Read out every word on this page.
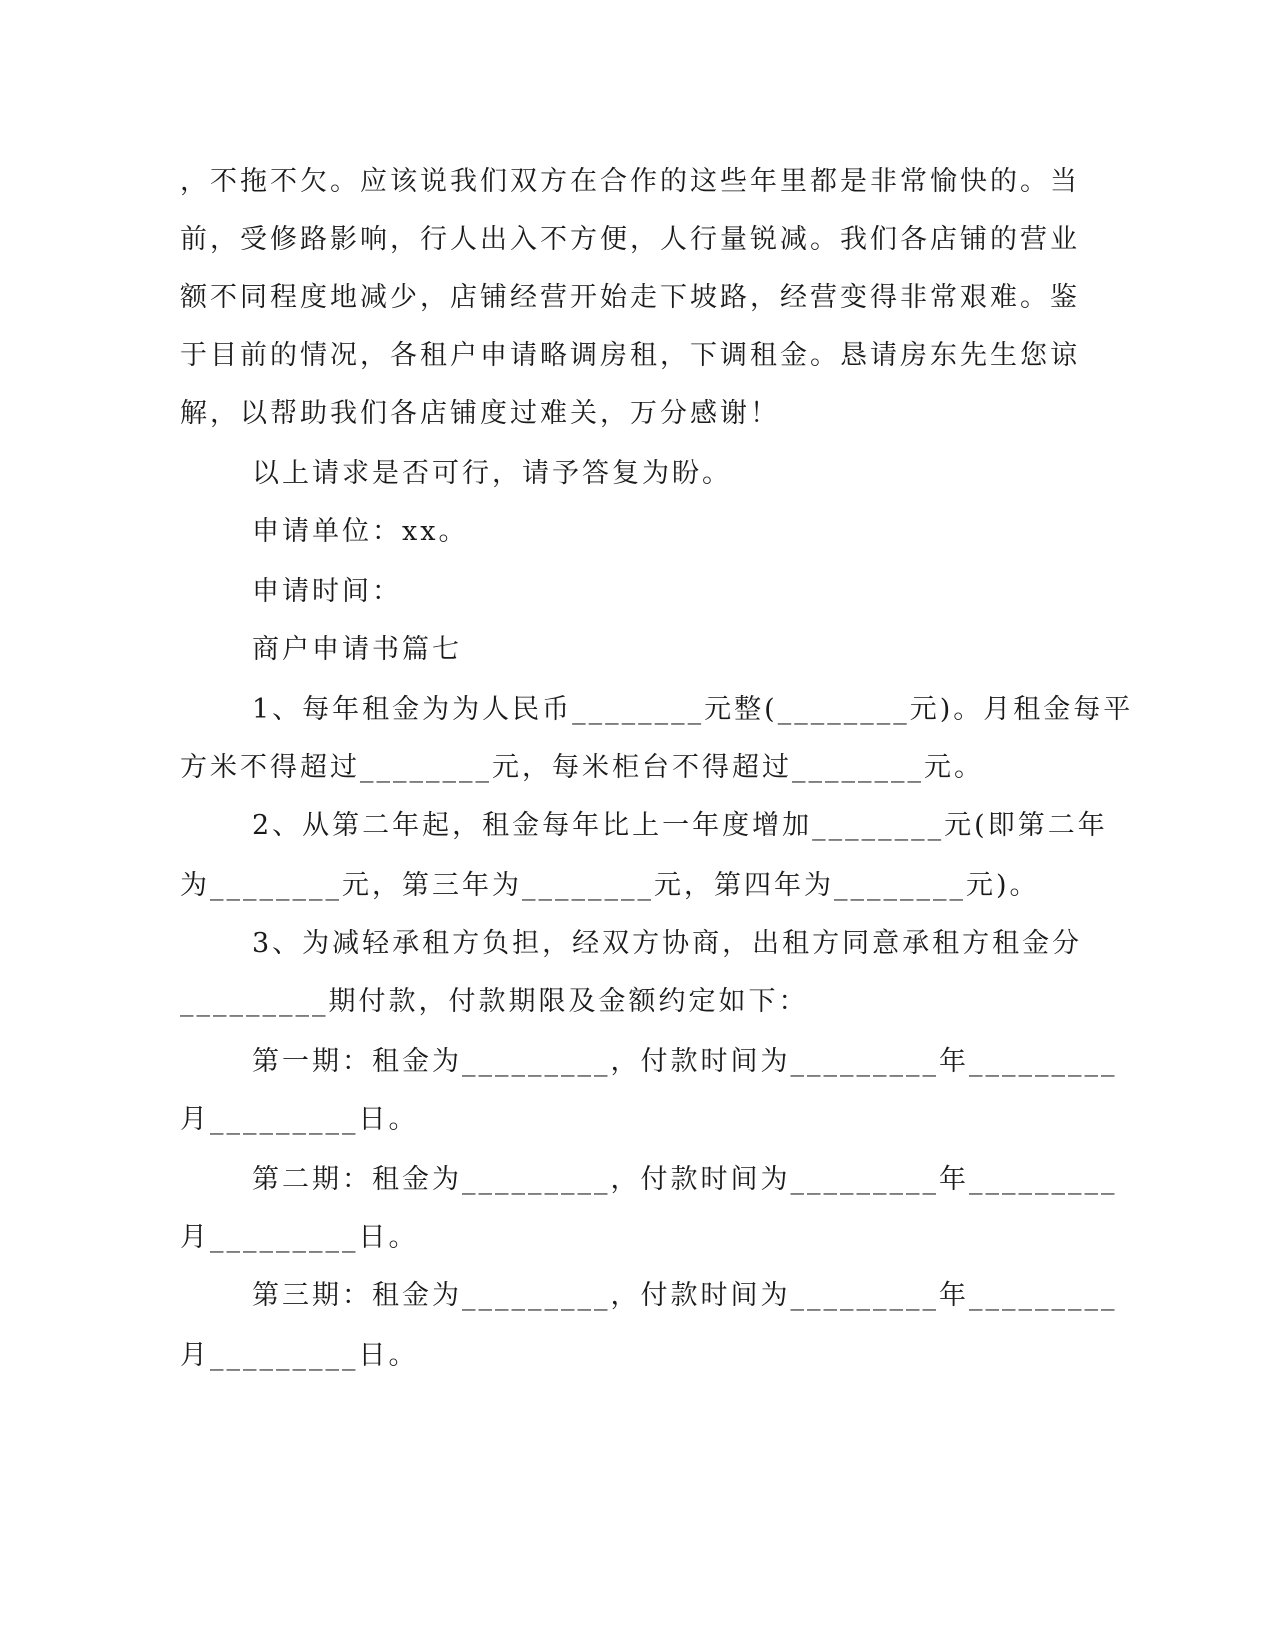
，不拖不欠。应该说我们双方在合作的这些年里都是非常愉快的。当
前，受修路影响，行人出入不方便，人行量锐减。我们各店铺的营业
额不同程度地减少，店铺经营开始走下坡路，经营变得非常艰难。鉴
于目前的情况，各租户申请略调房租，下调租金。恳请房东先生您谅
解，以帮助我们各店铺度过难关，万分感谢！
以上请求是否可行，请予答复为盼。
申请单位：xx。
申请时间：
商户申请书篇七
1、每年租金为为人民币________元整(________元)。月租金每平
方米不得超过________元，每米柜台不得超过________元。
2、从第二年起，租金每年比上一年度增加________元(即第二年
为________元，第三年为________元，第四年为________元)。
3、为减轻承租方负担，经双方协商，出租方同意承租方租金分
_________期付款，付款期限及金额约定如下：
第一期：租金为_________，付款时间为_________年_________
月_________日。
第二期：租金为_________，付款时间为_________年_________
月_________日。
第三期：租金为_________，付款时间为_________年_________
月_________日。
